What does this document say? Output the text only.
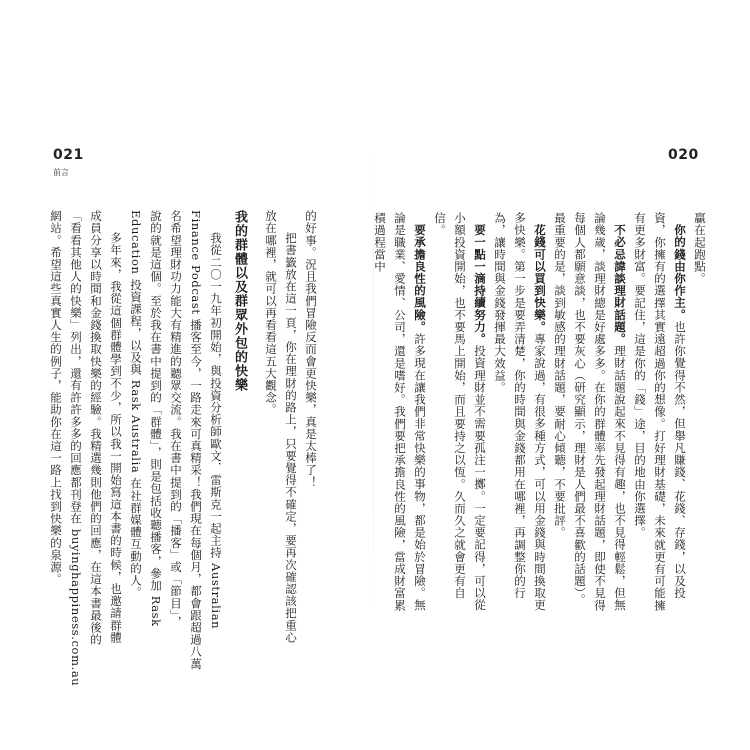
021
前言
的好事。況且我們冒險反而會更快樂，真是太棒了！
把書籤放在這一頁，你在理財的路上，只要覺得不確定，要再次確認該把重心
放在哪裡，就可以再看看這五大觀念。
我的群體以及群眾外包的快樂
我從二〇一九年初開始，與投資分析師歐文．雷斯克一起主持 Australian
Finance Podcast 播客至今，一路走來可真精采！我們現在每個月，都會跟超過八萬
名希望理財功力能大有精進的聽眾交流。我在書中提到的「播客」或「節目」，
說的就是這個。至於我在書中提到的「群體」，則是包括收聽播客，參加 Rask
Education 投資課程，以及與 Rask Australia 在社群媒體互動的人。
多年來，我從這個群體學到不少，所以我一開始寫這本書的時候，也邀請群體
成員分享以時間和金錢換取快樂的經驗。我精選幾則他們的回應，在這本書最後的
「看看其他人的快樂」列出，還有許許多多的回應都刊登在 buyinghappiness.com.au
網站。希望這些真實人生的例子，能助你在這一路上找到快樂的泉源。
020

贏在起跑點。

你的錢由你作主。也許你覺得不然，但舉凡賺錢、花錢、存錢，以及投資，你擁有的選擇其實遠超過你的想像。打好理財基礎，未來就更有可能擁有更多財富。要記住，這是你的「錢」途，目的地由你選擇。

不必忌諱談理財話題。理財話題說起來不見得有趣，也不見得輕鬆，但無論幾歲，談理財總是好處多多。在你的群體率先發起理財話題，即使不見得每個人都願意談，也不要灰心（研究顯示，理財是人們最不喜歡的話題）。最重要的是，談到敏感的理財話題，要耐心傾聽，不要批評。

花錢可以買到快樂。專家說過，有很多種方式，可以用金錢與時間換取更多快樂。第一步是要弄清楚，你的時間與金錢都用在哪裡，再調整你的行為，讓時間與金錢發揮最大效益。

要一點一滴持續努力。投資理財並不需要孤注一擲。一定要記得，可以從小額投資開始，也不要馬上開始，而且要持之以恆。久而久之就會更有自信。

要承擔良性的風險。許多現在讓我們非常快樂的事物，都是始於冒險。無論是職業、愛情、公司，還是嗜好。我們要把承擔良性的風險，當成財富累積過程當中
